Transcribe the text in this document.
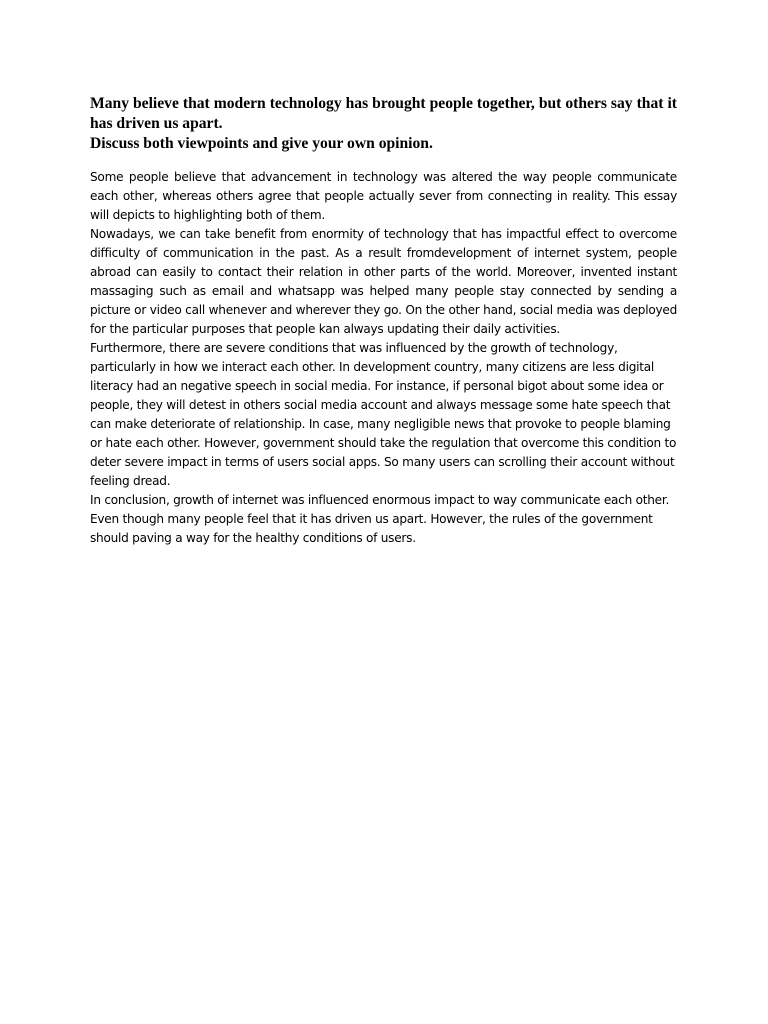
Many believe that modern technology has brought people together, but others say that it has driven us apart.
Discuss both viewpoints and give your own opinion.

Some people believe that advancement in technology was altered the way people communicate each other, whereas others agree that people actually sever from connecting in reality. This essay will depicts to highlighting both of them.

Nowadays, we can take benefit from enormity of technology that has impactful effect to overcome difficulty of communication in the past. As a result fromdevelopment of internet system, people abroad can easily to contact their relation in other parts of the world. Moreover, invented instant massaging such as email and whatsapp was helped many people stay connected by sending a picture or video call whenever and wherever they go. On the other hand, social media was deployed for the particular purposes that people kan always updating their daily activities.

Furthermore, there are severe conditions that was influenced by the growth of technology, particularly in how we interact each other. In development country, many citizens are less digital literacy had an negative speech in social media. For instance, if personal bigot about some idea or people, they will detest in others social media account and always message some hate speech that can make deteriorate of relationship. In case, many negligible news that provoke to people blaming or hate each other. However, government should take the regulation that overcome this condition to deter severe impact in terms of users social apps. So many users can scrolling their account without feeling dread.

In conclusion, growth of internet was influenced enormous impact to way communicate each other. Even though many people feel that it has driven us apart. However, the rules of the government should paving a way for the healthy conditions of users.
